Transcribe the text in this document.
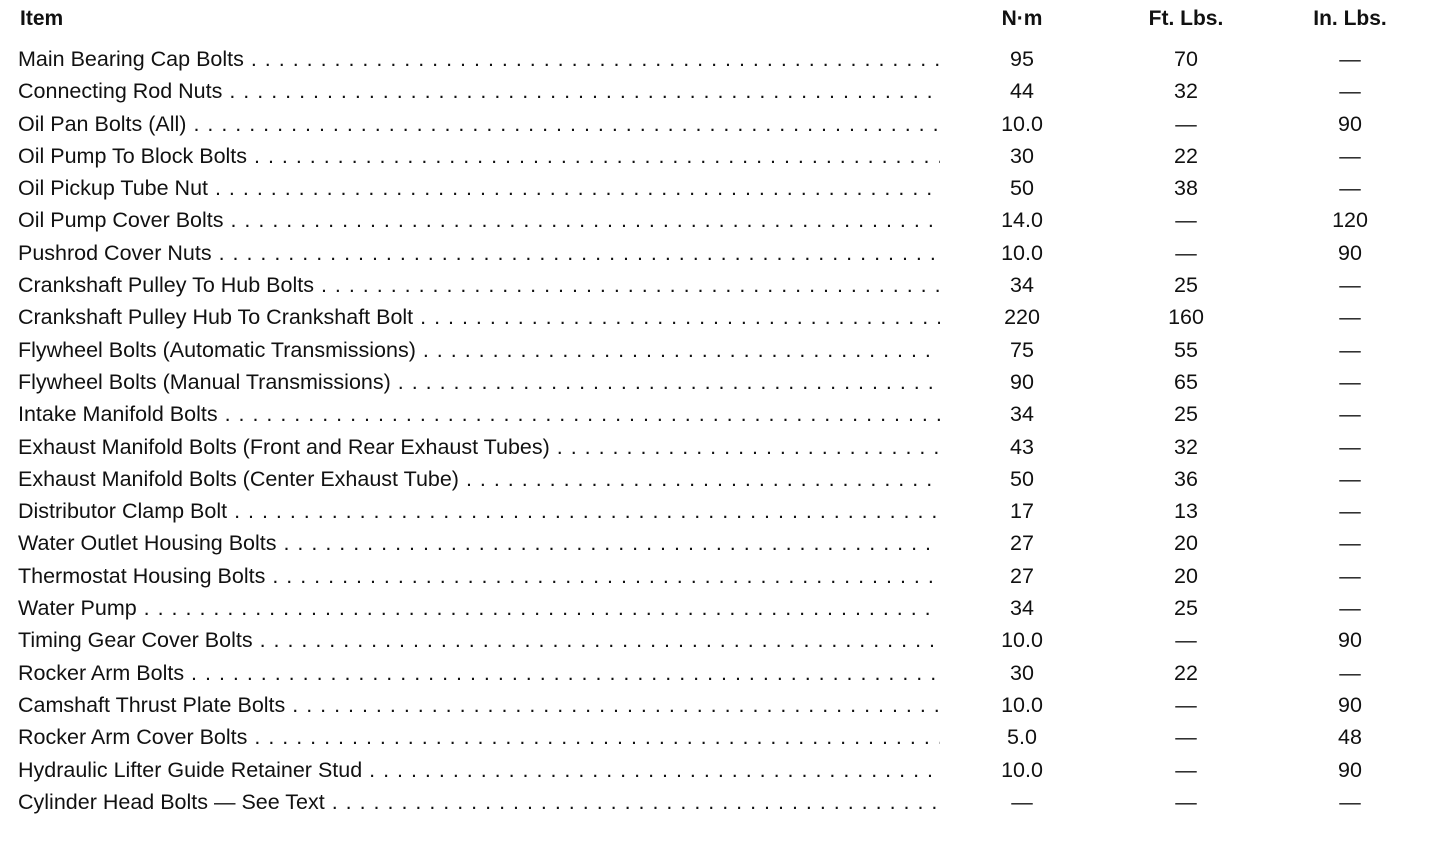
Item	N·m	Ft. Lbs.	In. Lbs.
Main Bearing Cap Bolts . . .	95	70	—
Connecting Rod Nuts . . .	44	32	—
Oil Pan Bolts (All) . . .	10.0	—	90
Oil Pump To Block Bolts . . .	30	22	—
Oil Pickup Tube Nut . . .	50	38	—
Oil Pump Cover Bolts . . .	14.0	—	120
Pushrod Cover Nuts . . .	10.0	—	90
Crankshaft Pulley To Hub Bolts . . .	34	25	—
Crankshaft Pulley Hub To Crankshaft Bolt . . .	220	160	—
Flywheel Bolts (Automatic Transmissions) . . .	75	55	—
Flywheel Bolts (Manual Transmissions) . . .	90	65	—
Intake Manifold Bolts . . .	34	25	—
Exhaust Manifold Bolts (Front and Rear Exhaust Tubes) . . .	43	32	—
Exhaust Manifold Bolts (Center Exhaust Tube) . . .	50	36	—
Distributor Clamp Bolt . . .	17	13	—
Water Outlet Housing Bolts . . .	27	20	—
Thermostat Housing Bolts . . .	27	20	—
Water Pump . . .	34	25	—
Timing Gear Cover Bolts . . .	10.0	—	90
Rocker Arm Bolts . . .	30	22	—
Camshaft Thrust Plate Bolts . . .	10.0	—	90
Rocker Arm Cover Bolts . . .	5.0	—	48
Hydraulic Lifter Guide Retainer Stud . . .	10.0	—	90
Cylinder Head Bolts — See Text . . .	—	—	—
